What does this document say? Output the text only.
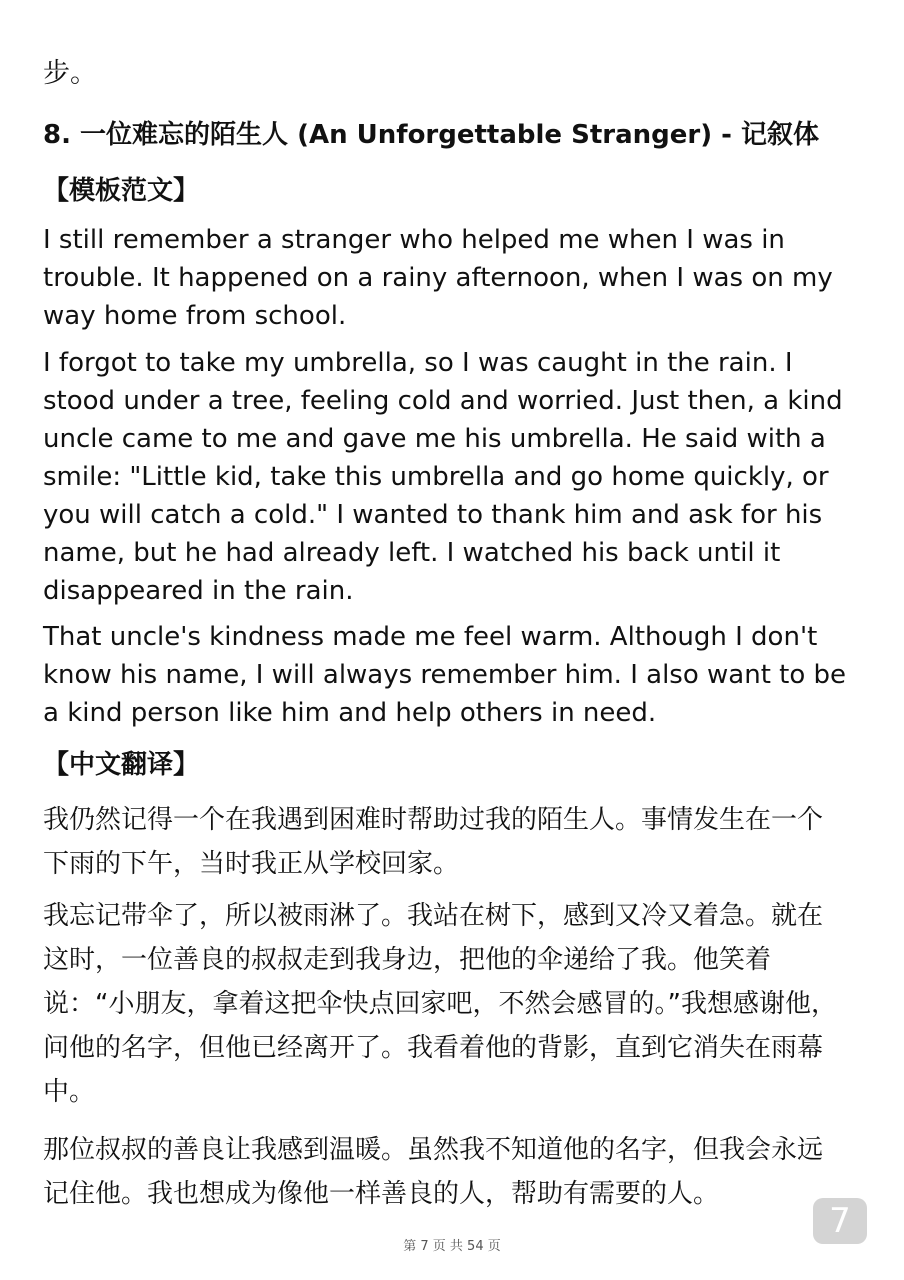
步。
8. 一位难忘的陌生人 (An Unforgettable Stranger) - 记叙体
【模板范文】

I still remember a stranger who helped me when I was in trouble. It happened on a rainy afternoon, when I was on my way home from school.

I forgot to take my umbrella, so I was caught in the rain. I stood under a tree, feeling cold and worried. Just then, a kind uncle came to me and gave me his umbrella. He said with a smile: "Little kid, take this umbrella and go home quickly, or you will catch a cold." I wanted to thank him and ask for his name, but he had already left. I watched his back until it disappeared in the rain.

That uncle's kindness made me feel warm. Although I don't know his name, I will always remember him. I also want to be a kind person like him and help others in need.

【中文翻译】

我仍然记得一个在我遇到困难时帮助过我的陌生人。事情发生在一个下雨的下午，当时我正从学校回家。

我忘记带伞了，所以被雨淋了。我站在树下，感到又冷又着急。就在这时，一位善良的叔叔走到我身边，把他的伞递给了我。他笑着说：“小朋友，拿着这把伞快点回家吧，不然会感冒的。”我想感谢他，问他的名字，但他已经离开了。我看着他的背影，直到它消失在雨幕中。

那位叔叔的善良让我感到温暖。虽然我不知道他的名字，但我会永远记住他。我也想成为像他一样善良的人，帮助有需要的人。

第 7 页 共 54 页
7
